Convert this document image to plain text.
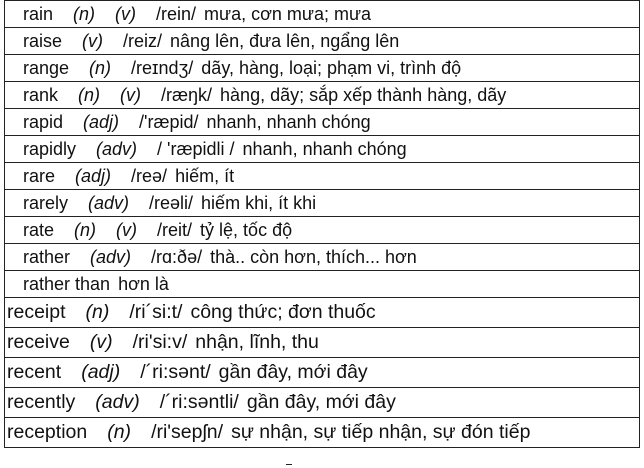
rain (n) (v) /rein/ mưa, cơn mưa; mưa
raise (v) /reiz/ nâng lên, đưa lên, ngẩng lên
range (n) /reɪndʒ/ dãy, hàng, loại; phạm vi, trình độ
rank (n) (v) /ræŋk/ hàng, dãy; sắp xếp thành hàng, dãy
rapid (adj) /'ræpid/ nhanh, nhanh chóng
rapidly (adv) / 'ræpidli / nhanh, nhanh chóng
rare (adj) /reə/ hiếm, ít
rarely (adv) /reəli/ hiếm khi, ít khi
rate (n) (v) /reit/ tỷ lệ, tốc độ
rather (adv) /rɑ:ðə/ thà.. còn hơn, thích... hơn
rather than hơn là
receipt (n) /ri´si:t/ công thức; đơn thuốc
receive (v) /ri'si:v/ nhận, lĩnh, thu
recent (adj) /´ri:sənt/ gần đây, mới đây
recently (adv) /´ri:səntli/ gần đây, mới đây
reception (n) /ri'sepʃn/ sự nhận, sự tiếp nhận, sự đón tiếp
